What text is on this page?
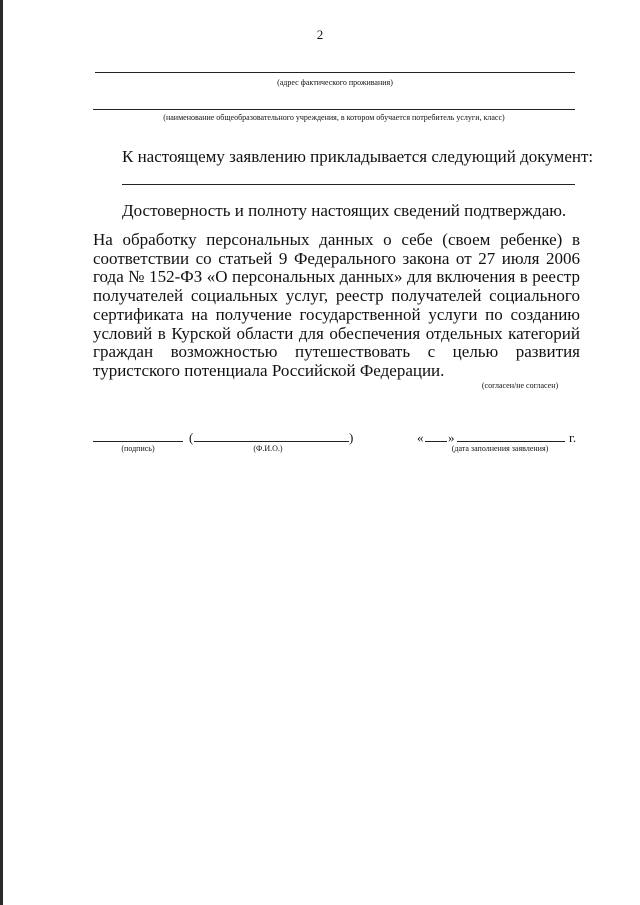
2
(адрес фактического проживания)
(наименование общеобразовательного учреждения, в котором обучается потребитель услуги, класс)
К настоящему заявлению прикладывается следующий документ:
Достоверность и полноту настоящих сведений подтверждаю.
На обработку персональных данных о себе (своем ребенке) в соответствии со статьей 9 Федерального закона от 27 июля 2006 года № 152-ФЗ «О персональных данных» для включения в реестр получателей социальных услуг, реестр получателей социального сертификата на получение государственной услуги по созданию условий в Курской области для обеспечения отдельных категорий граждан возможностью путешествовать с целью развития туристского потенциала Российской Федерации.
(согласен/не согласен)
(	)	« »	г.
(подпись)	(Ф.И.О.)	(дата заполнения заявления)
